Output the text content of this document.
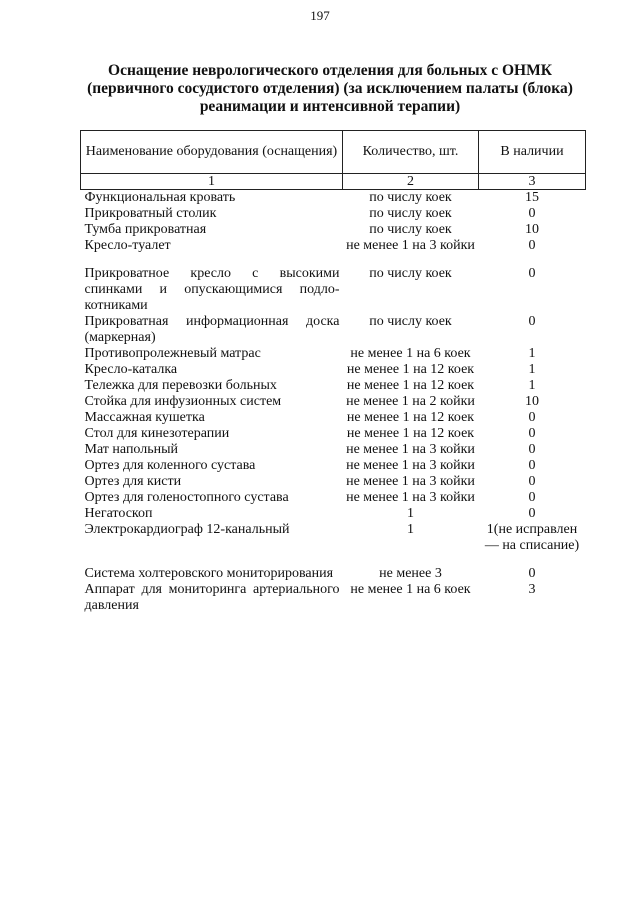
197
Оснащение неврологического отделения для больных с ОНМК
(первичного сосудистого отделения) (за исключением палаты (блока)
реанимации и интенсивной терапии)
Наименование оборудования (оснащения)	Количество, шт.	В наличии
1	2	3
Функциональная кровать	по числу коек	15
Прикроватный столик	по числу коек	0
Тумба прикроватная	по числу коек	10
Кресло-туалет	не менее 1 на 3 койки	0
Прикроватное кресло с высокими спинками и опускающимися подлокотниками	по числу коек	0
Прикроватная информационная доска (маркерная)	по числу коек	0
Противопролежневый матрас	не менее 1 на 6 коек	1
Кресло-каталка	не менее 1 на 12 коек	1
Тележка для перевозки больных	не менее 1 на 12 коек	1
Стойка для инфузионных систем	не менее 1 на 2 койки	10
Массажная кушетка	не менее 1 на 12 коек	0
Стол для кинезотерапии	не менее 1 на 12 коек	0
Мат напольный	не менее 1 на 3 койки	0
Ортез для коленного сустава	не менее 1 на 3 койки	0
Ортез для кисти	не менее 1 на 3 койки	0
Ортез для голеностопного сустава	не менее 1 на 3 койки	0
Негатоскоп	1	0
Электрокардиограф 12-канальный	1	1(не исправлен — на списание)
Система холтеровского мониторирования	не менее 3	0
Аппарат для мониторинга артериального давления	не менее 1 на 6 коек	3
